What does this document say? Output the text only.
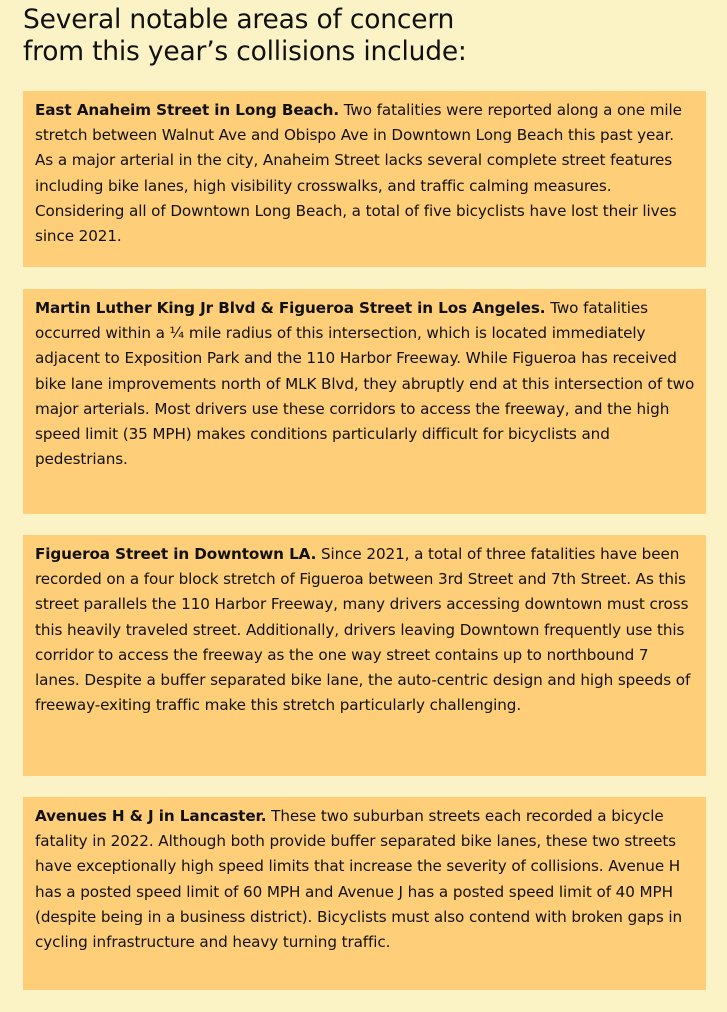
Several notable areas of concern
from this year’s collisions include:
East Anaheim Street in Long Beach. Two fatalities were reported along a one mile stretch between Walnut Ave and Obispo Ave in Downtown Long Beach this past year. As a major arterial in the city, Anaheim Street lacks several complete street features including bike lanes, high visibility crosswalks, and traffic calming measures. Considering all of Downtown Long Beach, a total of five bicyclists have lost their lives since 2021.
Martin Luther King Jr Blvd & Figueroa Street in Los Angeles. Two fatalities occurred within a ¼ mile radius of this intersection, which is located immediately adjacent to Exposition Park and the 110 Harbor Freeway. While Figueroa has received bike lane improvements north of MLK Blvd, they abruptly end at this intersection of two major arterials. Most drivers use these corridors to access the freeway, and the high speed limit (35 MPH) makes conditions particularly difficult for bicyclists and pedestrians.
Figueroa Street in Downtown LA. Since 2021, a total of three fatalities have been recorded on a four block stretch of Figueroa between 3rd Street and 7th Street. As this street parallels the 110 Harbor Freeway, many drivers accessing downtown must cross this heavily traveled street. Additionally, drivers leaving Downtown frequently use this corridor to access the freeway as the one way street contains up to northbound 7 lanes. Despite a buffer separated bike lane, the auto-centric design and high speeds of freeway-exiting traffic make this stretch particularly challenging.
Avenues H & J in Lancaster. These two suburban streets each recorded a bicycle fatality in 2022. Although both provide buffer separated bike lanes, these two streets have exceptionally high speed limits that increase the severity of collisions. Avenue H has a posted speed limit of 60 MPH and Avenue J has a posted speed limit of 40 MPH (despite being in a business district). Bicyclists must also contend with broken gaps in cycling infrastructure and heavy turning traffic.
